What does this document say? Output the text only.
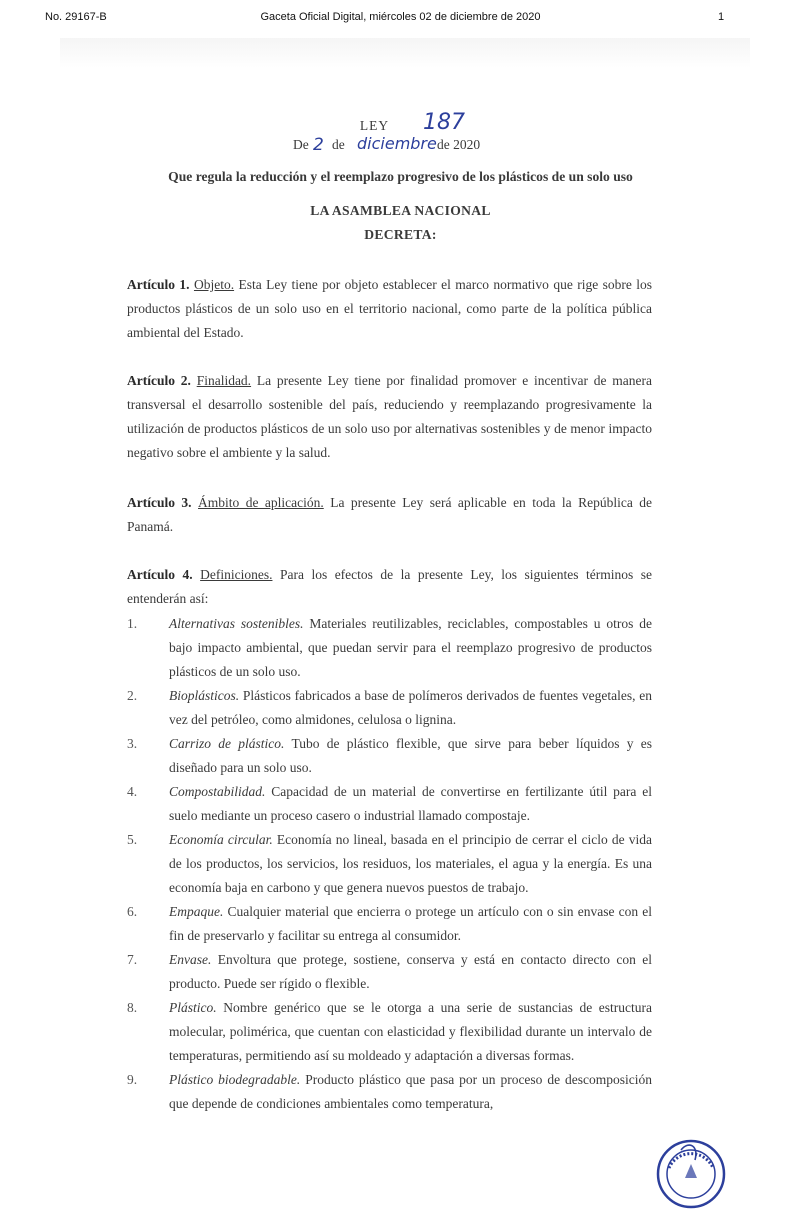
No. 29167-B	Gaceta Oficial Digital, miércoles 02 de diciembre de 2020	1
LEY	187
De 2 de diciembre de 2020
Que regula la reducción y el reemplazo progresivo de los plásticos de un solo uso
LA ASAMBLEA NACIONAL
DECRETA:

Artículo 1. Objeto. Esta Ley tiene por objeto establecer el marco normativo que rige sobre los productos plásticos de un solo uso en el territorio nacional, como parte de la política pública ambiental del Estado.

Artículo 2. Finalidad. La presente Ley tiene por finalidad promover e incentivar de manera transversal el desarrollo sostenible del país, reduciendo y reemplazando progresivamente la utilización de productos plásticos de un solo uso por alternativas sostenibles y de menor impacto negativo sobre el ambiente y la salud.

Artículo 3. Ámbito de aplicación. La presente Ley será aplicable en toda la República de Panamá.

Artículo 4. Definiciones. Para los efectos de la presente Ley, los siguientes términos se entenderán así:

1. Alternativas sostenibles. Materiales reutilizables, reciclables, compostables u otros de bajo impacto ambiental, que puedan servir para el reemplazo progresivo de productos plásticos de un solo uso.
2. Bioplásticos. Plásticos fabricados a base de polímeros derivados de fuentes vegetales, en vez del petróleo, como almidones, celulosa o lignina.
3. Carrizo de plástico. Tubo de plástico flexible, que sirve para beber líquidos y es diseñado para un solo uso.
4. Compostabilidad. Capacidad de un material de convertirse en fertilizante útil para el suelo mediante un proceso casero o industrial llamado compostaje.
5. Economía circular. Economía no lineal, basada en el principio de cerrar el ciclo de vida de los productos, los servicios, los residuos, los materiales, el agua y la energía. Es una economía baja en carbono y que genera nuevos puestos de trabajo.
6. Empaque. Cualquier material que encierra o protege un artículo con o sin envase con el fin de preservarlo y facilitar su entrega al consumidor.
7. Envase. Envoltura que protege, sostiene, conserva y está en contacto directo con el producto. Puede ser rígido o flexible.
8. Plástico. Nombre genérico que se le otorga a una serie de sustancias de estructura molecular, polimérica, que cuentan con elasticidad y flexibilidad durante un intervalo de temperaturas, permitiendo así su moldeado y adaptación a diversas formas.
9. Plástico biodegradable. Producto plástico que pasa por un proceso de descomposición que depende de condiciones ambientales como temperatura,
